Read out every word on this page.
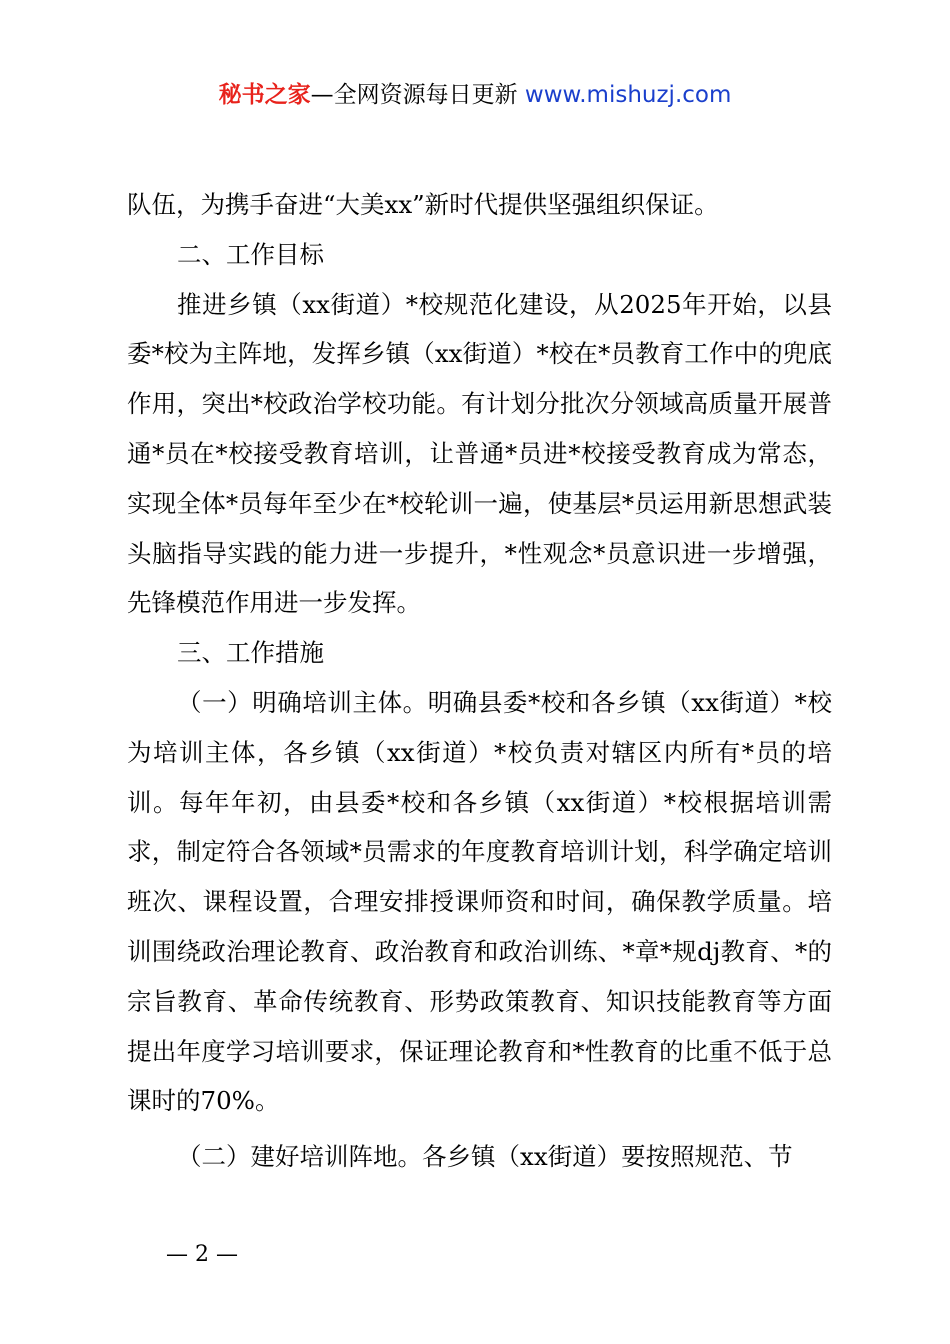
秘书之家—全网资源每日更新 www.mishuzj.com

队伍，为携手奋进“大美xx”新时代提供坚强组织保证。

二、工作目标

推进乡镇（xx街道）*校规范化建设，从2025年开始，以县委*校为主阵地，发挥乡镇（xx街道）*校在*员教育工作中的兜底作用，突出*校政治学校功能。有计划分批次分领域高质量开展普通*员在*校接受教育培训，让普通*员进*校接受教育成为常态，实现全体*员每年至少在*校轮训一遍，使基层*员运用新思想武装头脑指导实践的能力进一步提升，*性观念*员意识进一步增强，先锋模范作用进一步发挥。

三、工作措施

（一）明确培训主体。明确县委*校和各乡镇（xx街道）*校为培训主体，各乡镇（xx街道）*校负责对辖区内所有*员的培训。每年年初，由县委*校和各乡镇（xx街道）*校根据培训需求，制定符合各领域*员需求的年度教育培训计划，科学确定培训班次、课程设置，合理安排授课师资和时间，确保教学质量。培训围绕政治理论教育、政治教育和政治训练、*章*规dj教育、*的宗旨教育、革命传统教育、形势政策教育、知识技能教育等方面提出年度学习培训要求，保证理论教育和*性教育的比重不低于总课时的70%。

（二）建好培训阵地。各乡镇（xx街道）要按照规范、节

— 2 —
